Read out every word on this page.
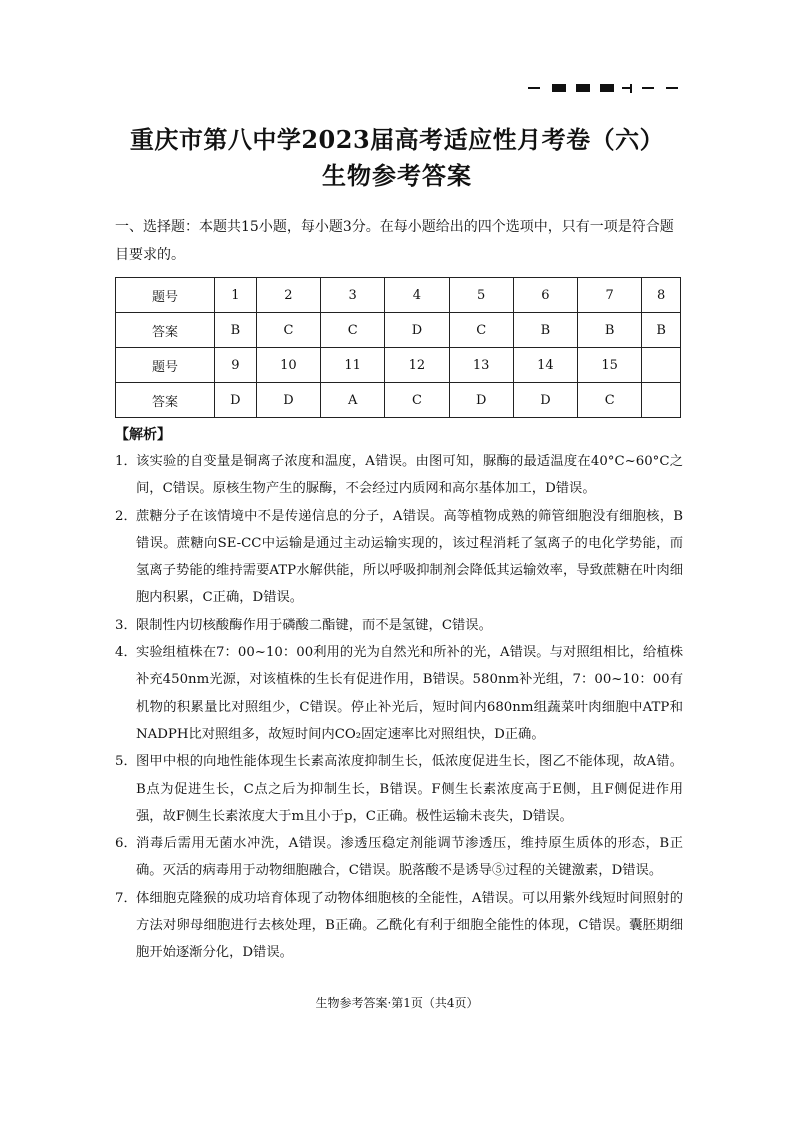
重庆市第八中学2023届高考适应性月考卷（六）
生物参考答案
一、选择题：本题共15小题，每小题3分。在每小题给出的四个选项中，只有一项是符合题目要求的。
题号	1	2	3	4	5	6	7	8
答案	B	C	C	D	C	B	B	B
题号	9	10	11	12	13	14	15	
答案	D	D	A	C	D	D	C	
【解析】
1． 该实验的自变量是铜离子浓度和温度，A错误。由图可知，脲酶的最适温度在40°C~60°C之间，C错误。原核生物产生的脲酶，不会经过内质网和高尔基体加工，D错误。
2． 蔗糖分子在该情境中不是传递信息的分子，A错误。高等植物成熟的筛管细胞没有细胞核，B错误。蔗糖向SE-CC中运输是通过主动运输实现的，该过程消耗了氢离子的电化学势能，而氢离子势能的维持需要ATP水解供能，所以呼吸抑制剂会降低其运输效率，导致蔗糖在叶肉细胞内积累，C正确，D错误。
3． 限制性内切核酸酶作用于磷酸二酯键，而不是氢键，C错误。
4． 实验组植株在7：00~10：00利用的光为自然光和所补的光，A错误。与对照组相比，给植株补充450nm光源，对该植株的生长有促进作用，B错误。580nm补光组，7：00~10：00有机物的积累量比对照组少，C错误。停止补光后，短时间内680nm组蔬菜叶肉细胞中ATP和NADPH比对照组多，故短时间内CO₂固定速率比对照组快，D正确。
5． 图甲中根的向地性能体现生长素高浓度抑制生长，低浓度促进生长，图乙不能体现，故A错。B点为促进生长，C点之后为抑制生长，B错误。F侧生长素浓度高于E侧，且F侧促进作用强，故F侧生长素浓度大于m且小于p，C正确。极性运输未丧失，D错误。
6． 消毒后需用无菌水冲洗，A错误。渗透压稳定剂能调节渗透压，维持原生质体的形态，B正确。灭活的病毒用于动物细胞融合，C错误。脱落酸不是诱导⑤过程的关键激素，D错误。
7． 体细胞克隆猴的成功培育体现了动物体细胞核的全能性，A错误。可以用紫外线短时间照射的方法对卵母细胞进行去核处理，B正确。乙酰化有利于细胞全能性的体现，C错误。囊胚期细胞开始逐渐分化，D错误。
生物参考答案·第1页（共4页）
